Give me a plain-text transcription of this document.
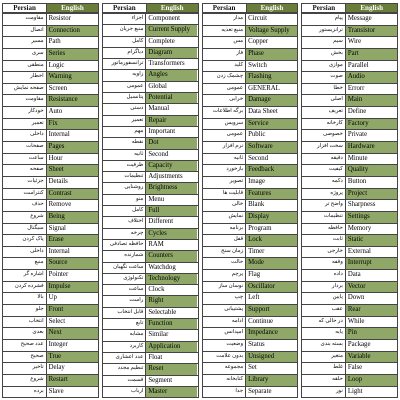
Persian	English
مقاومت Resistor
اتصال Connection
مسیر Path
سری Series
منطقی Logic
اخطار Warning
صفحه نمایش Screen
مقاومت Resistance
خودکار Auto
تعمیر Fix
داخلی Internal
صفحات Pages
ساعت Hour
صفحه Sheet
جزئیات Details
کنتراست Contrast
حذف Remove
شروع Being
سیگنال Signal
پاک کردن Erase
داخلی Internal
منبع Source
اشاره گر Pointer
فشرده کردن Impulse
بالا Up
جلو Front
انتخاب Select
بعدی Next
عدد صحیح Integer
صحیح True
تاخیر Delay
شروع Restart
برده Slave
Persian	English
اجزاء Component
منبع جریان Current Supply
کامل Complete
دیاگرام Diagram
ترانسفورماتور Transformers
زاویه Angles
عمومی Global
پتانسیل Potential
دستی Manual
تعمیر Repair
مهم Important
نقطه Dot
ثانیه Second
ظرفیت Capacity
تنظیمات Adjustments
روشنایی Brightness
منو Menu
کامل Full
اختلاف Different
چرخه Cycles
حافظه تصادفی RAM
شمارنده Counters
ساعت نگهبان Watchdog
تکنولوژی Technology
ساعت Clock
راست Right
قابل انتخاب Selectable
تابع Function
مشابه Similar
کاربرد Application
عدد اعشاری Float
تنظیم مجدد Reset
قسمت Segment
ارباب Master
Persian	English
مدار Circuit
منبع تغذیه Voltage Supply
مس Copper
فاز Phase
کلید Switch
چشمک زدن Flashing
عمومی GENERAL
خرابی Damage
برگه اطلاعات Data Sheet
سرویس Service
عمومی Public
نرم افزار Software
ثانیه Second
بازخورد Feedback
تصویر Image
قابلیت ها Features
خالی Blank
نمایش Display
برنامه Program
قفل Lock
زمان سنج Timer
حالت Mode
پرچم Flag
نوسان ساز Oscillator
چپ Left
پشتیبانی Support
ادامه Continue
امپدانس Impedance
وضعیت Status
بدون علامت Unsigned
مجموعه Set
کتابخانه Library
جدا Separate
Persian	English
پیام Message
ترانزیستور Transistor
سیم Wire
بخش Part
موازی Parallel
صوت Audio
خطا Errorr
اصلی Main
تعریف Define
کارخانه Factory
خصوصی Private
سخت افزار Hardware
دقیقه Minute
کیفیت Quality
دکمه Button
پروژه Project
واضح تر Sharpness
تنظیمات Settings
حافظه Memory
ثابت Static
خارجی External
وقفه Interrupt
داده Data
بردار Vector
پایین Down
عقب Rear
در حالی که While
پایه Pin
بسته بندی Package
متغیر Variable
غلط False
حلقه Loop
نور Light
